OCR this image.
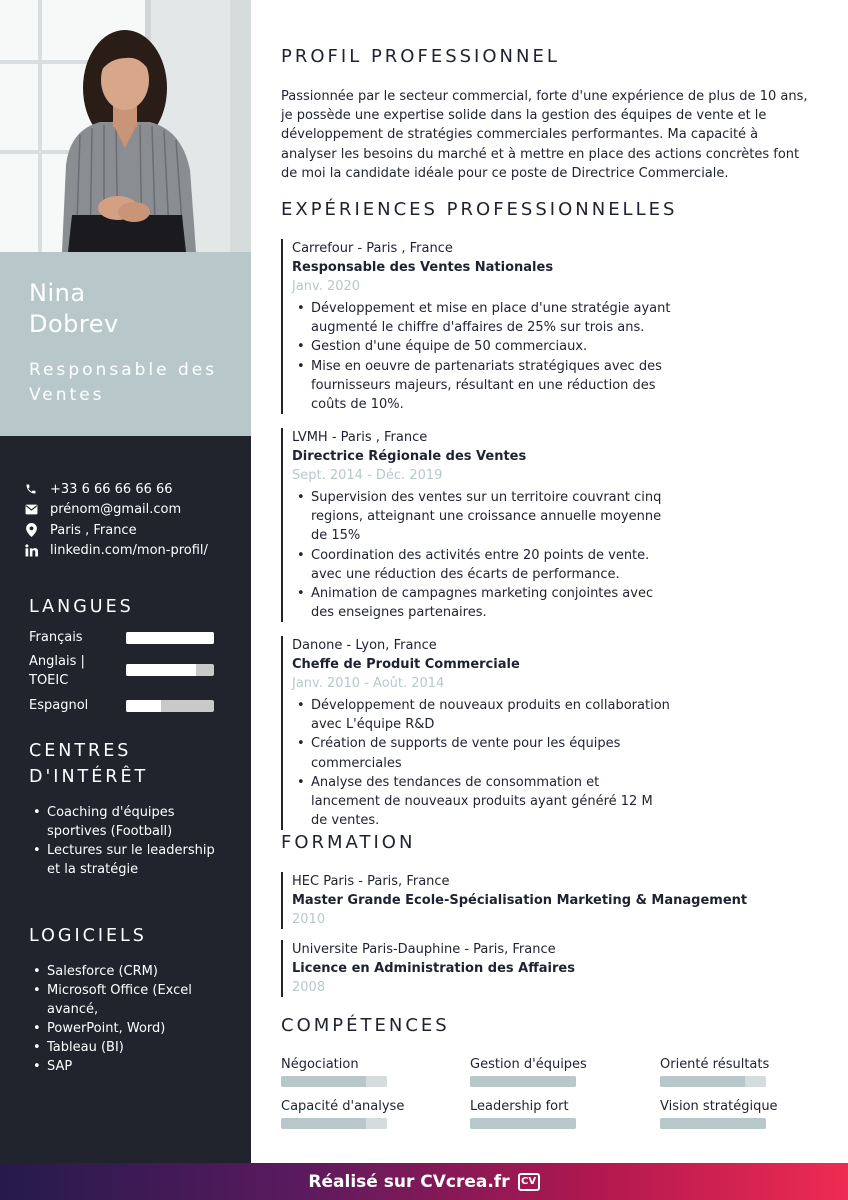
Nina
Dobrev
Responsable des Ventes
+33 6 66 66 66 66
prénom@gmail.com
Paris , France
linkedin.com/mon-profil/
LANGUES
Français
Anglais | TOEIC
Espagnol
CENTRES D'INTÉRÊT
• Coaching d'équipes sportives (Football)
• Lectures sur le leadership et la stratégie
LOGICIELS
• Salesforce (CRM)
• Microsoft Office (Excel avancé,
• PowerPoint, Word)
• Tableau (BI)
• SAP
PROFIL PROFESSIONNEL

Passionnée par le secteur commercial, forte d'une expérience de plus de 10 ans, je possède une expertise solide dans la gestion des équipes de vente et le développement de stratégies commerciales performantes. Ma capacité à analyser les besoins du marché et à mettre en place des actions concrètes font de moi la candidate idéale pour ce poste de Directrice Commerciale.

EXPÉRIENCES PROFESSIONNELLES
Carrefour - Paris , France
Responsable des Ventes Nationales
Janv. 2020
• Développement et mise en place d'une stratégie ayant augmenté le chiffre d'affaires de 25% sur trois ans.
• Gestion d'une équipe de 50 commerciaux.
• Mise en oeuvre de partenariats stratégiques avec des fournisseurs majeurs, résultant en une réduction des coûts de 10%.
LVMH - Paris , France
Directrice Régionale des Ventes
Sept. 2014 - Déc. 2019
• Supervision des ventes sur un territoire couvrant cinq regions, atteignant une croissance annuelle moyenne de 15%
• Coordination des activités entre 20 points de vente. avec une réduction des écarts de performance.
• Animation de campagnes marketing conjointes avec des enseignes partenaires.
Danone - Lyon, France
Cheffe de Produit Commerciale
Janv. 2010 - Août. 2014
• Développement de nouveaux produits en collaboration avec L'équipe R&D
• Création de supports de vente pour les équipes commerciales
• Analyse des tendances de consommation et lancement de nouveaux produits ayant généré 12 M de ventes.
FORMATION
HEC Paris - Paris, France
Master Grande Ecole-Spécialisation Marketing & Management
2010
Universite Paris-Dauphine - Paris, France
Licence en Administration des Affaires
2008
COMPÉTENCES
Négociation	Gestion d'équipes	Orienté résultats
Capacité d'analyse	Leadership fort	Vision stratégique
Réalisé sur CVcrea.fr	CV
